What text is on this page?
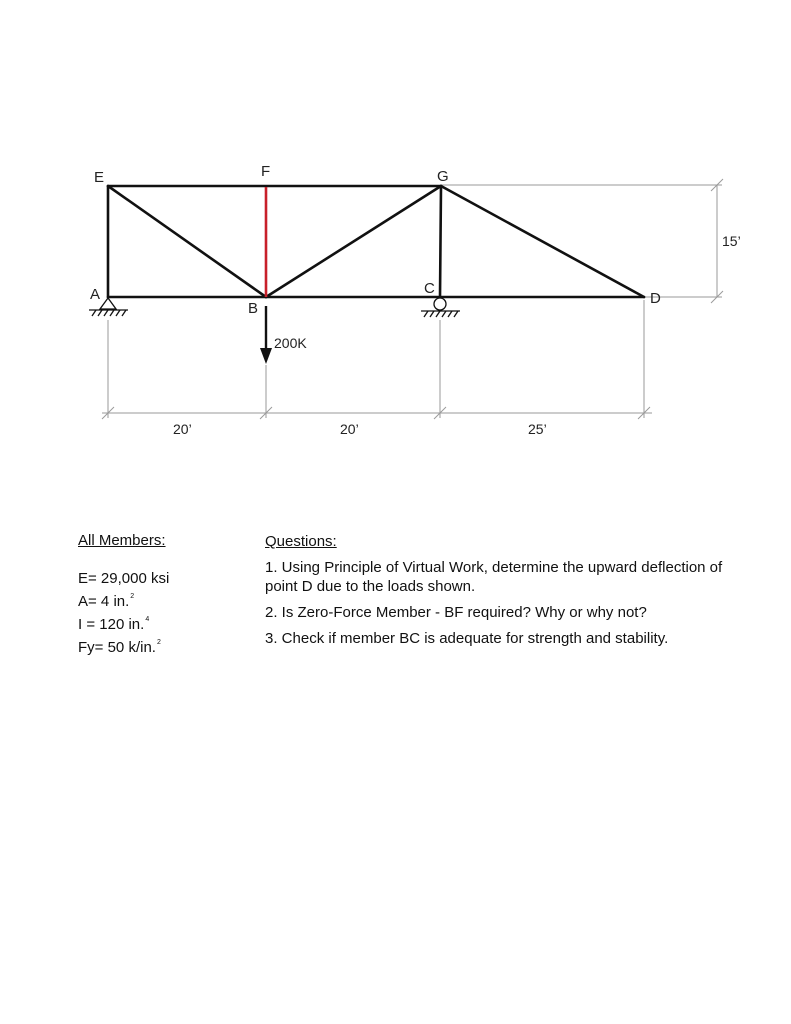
E	F	G
A
B
C
D
200K
15’
20’	20’	25’
All Members:
E= 29,000 ksi
A= 4 in.$^2$
I = 120 in.$^4$
Fy= 50 k/in.$^2$
Questions:
1. Using Principle of Virtual Work, determine the upward deflection of point D due to the loads shown.
2. Is Zero-Force Member - BF required? Why or why not?
3. Check if member BC is adequate for strength and stability.
